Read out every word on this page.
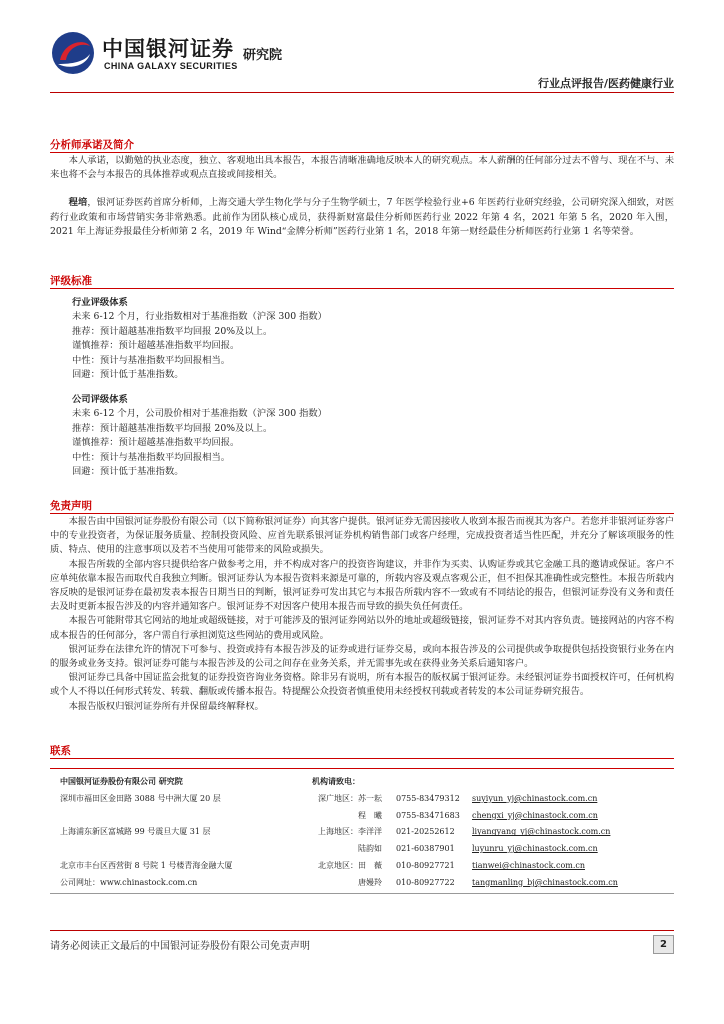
中国银河证券
CHINA GALAXY SECURITIES
研究院
行业点评报告/医药健康行业
分析师承诺及简介

本人承诺，以勤勉的执业态度，独立、客观地出具本报告，本报告清晰准确地反映本人的研究观点。本人薪酬的任何部分过去不曾与、现在不与、未来也将不会与本报告的具体推荐或观点直接或间接相关。

程培，银河证券医药首席分析师，上海交通大学生物化学与分子生物学硕士，7 年医学检验行业+6 年医药行业研究经验，公司研究深入细致，对医药行业政策和市场营销实务非常熟悉。此前作为团队核心成员，获得新财富最佳分析师医药行业 2022 年第 4 名，2021 年第 5 名，2020 年入围，2021 年上海证券报最佳分析师第 2 名，2019 年 Wind“金牌分析师”医药行业第 1 名，2018 年第一财经最佳分析师医药行业第 1 名等荣誉。

评级标准
行业评级体系
未来 6-12 个月，行业指数相对于基准指数（沪深 300 指数）
推荐：预计超越基准指数平均回报 20%及以上。
谨慎推荐：预计超越基准指数平均回报。
中性：预计与基准指数平均回报相当。
回避：预计低于基准指数。
公司评级体系
未来 6-12 个月，公司股价相对于基准指数（沪深 300 指数）
推荐：预计超越基准指数平均回报 20%及以上。
谨慎推荐：预计超越基准指数平均回报。
中性：预计与基准指数平均回报相当。
回避：预计低于基准指数。
免责声明

本报告由中国银河证券股份有限公司（以下简称银河证券）向其客户提供。银河证券无需因接收人收到本报告而视其为客户。若您并非银河证券客户中的专业投资者，为保证服务质量、控制投资风险、应首先联系银河证券机构销售部门或客户经理，完成投资者适当性匹配，并充分了解该项服务的性质、特点、使用的注意事项以及若不当使用可能带来的风险或损失。

本报告所载的全部内容只提供给客户做参考之用，并不构成对客户的投资咨询建议，并非作为买卖、认购证券或其它金融工具的邀请或保证。客户不应单纯依靠本报告而取代自我独立判断。银河证券认为本报告资料来源是可靠的，所载内容及观点客观公正，但不担保其准确性或完整性。本报告所载内容反映的是银河证券在最初发表本报告日期当日的判断，银河证券可发出其它与本报告所载内容不一致或有不同结论的报告，但银河证券没有义务和责任去及时更新本报告涉及的内容并通知客户。银河证券不对因客户使用本报告而导致的损失负任何责任。

本报告可能附带其它网站的地址或超级链接，对于可能涉及的银河证券网站以外的地址或超级链接，银河证券不对其内容负责。链接网站的内容不构成本报告的任何部分，客户需自行承担浏览这些网站的费用或风险。

银河证券在法律允许的情况下可参与、投资或持有本报告涉及的证券或进行证券交易，或向本报告涉及的公司提供或争取提供包括投资银行业务在内的服务或业务支持。银河证券可能与本报告涉及的公司之间存在业务关系，并无需事先或在获得业务关系后通知客户。

银河证券已具备中国证监会批复的证券投资咨询业务资格。除非另有说明，所有本报告的版权属于银河证券。未经银河证券书面授权许可，任何机构或个人不得以任何形式转发、转载、翻版或传播本报告。特提醒公众投资者慎重使用未经授权刊载或者转发的本公司证券研究报告。

本报告版权归银河证券所有并保留最终解释权。

联系
中国银河证券股份有限公司 研究院
深圳市福田区金田路 3088 号中洲大厦 20 层

上海浦东新区富城路 99 号震旦大厦 31 层

北京市丰台区西营街 8 号院 1 号楼青海金融大厦
公司网址：www.chinastock.com.cn
机构请致电：
深广地区：苏一耘 0755-83479312 suyiyun_yj@chinastock.com.cn
程　曦 0755-83471683 chengxi_yj@chinastock.com.cn
上海地区：李洋洋 021-20252612 liyangyang_yj@chinastock.com.cn
陆韵如 021-60387901 luyunru_yj@chinastock.com.cn
北京地区：田　薇 010-80927721 tianwei@chinastock.com.cn
唐嫚羚 010-80927722 tangmanling_bj@chinastock.com.cn
请务必阅读正文最后的中国银河证券股份有限公司免责声明	2
